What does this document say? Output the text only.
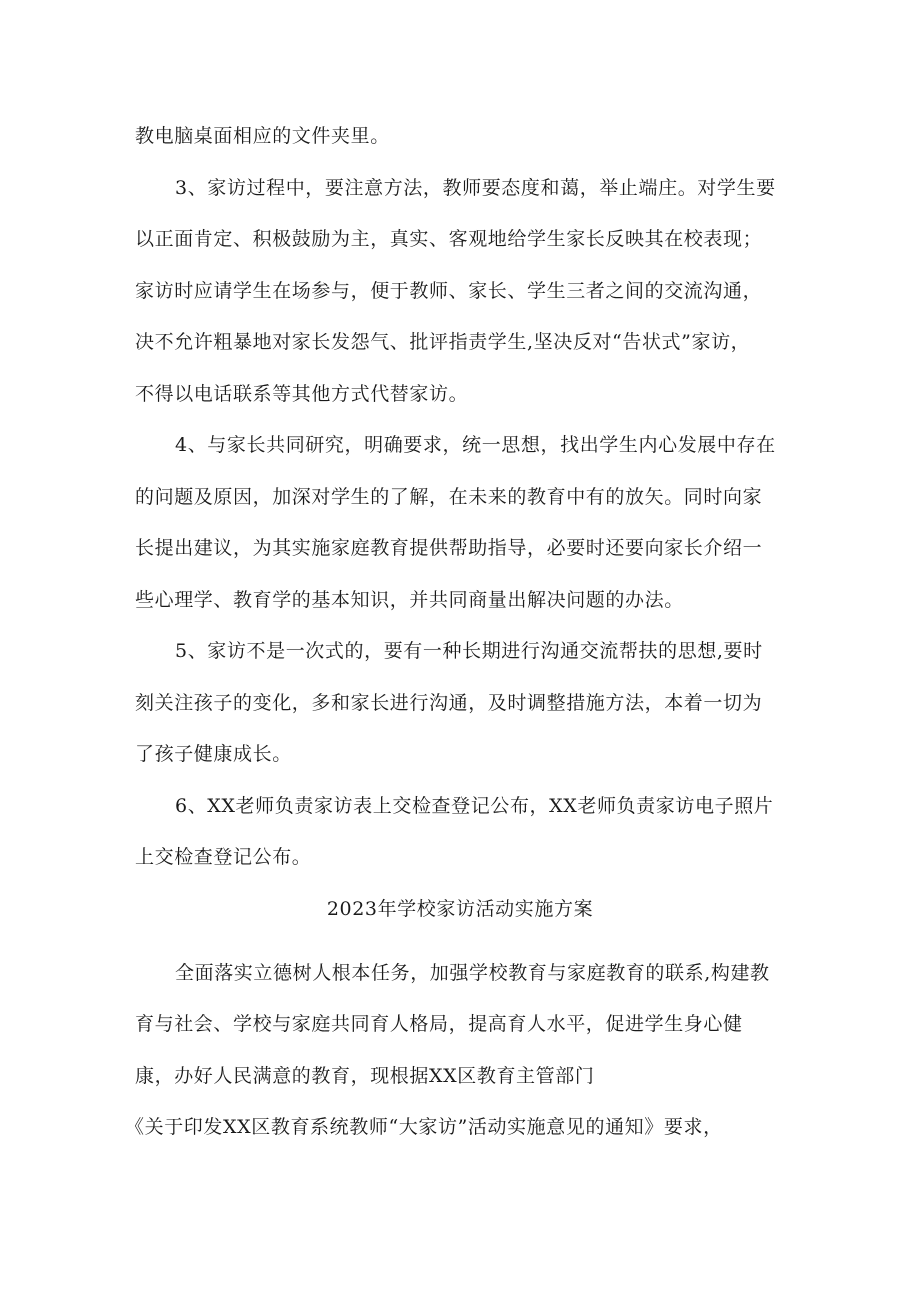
教电脑桌面相应的文件夹里。
3、家访过程中，要注意方法，教师要态度和蔼，举止端庄。对学生要
以正面肯定、积极鼓励为主，真实、客观地给学生家长反映其在校表现；
家访时应请学生在场参与，便于教师、家长、学生三者之间的交流沟通，
决不允许粗暴地对家长发怨气、批评指责学生,坚决反对“告状式”家访，
不得以电话联系等其他方式代替家访。
4、与家长共同研究，明确要求，统一思想，找出学生内心发展中存在
的问题及原因，加深对学生的了解，在未来的教育中有的放矢。同时向家
长提出建议，为其实施家庭教育提供帮助指导，必要时还要向家长介绍一
些心理学、教育学的基本知识，并共同商量出解决问题的办法。
5、家访不是一次式的，要有一种长期进行沟通交流帮扶的思想,要时
刻关注孩子的变化，多和家长进行沟通，及时调整措施方法，本着一切为
了孩子健康成长。
6、XX老师负责家访表上交检查登记公布，XX老师负责家访电子照片
上交检查登记公布。
2023年学校家访活动实施方案
全面落实立德树人根本任务，加强学校教育与家庭教育的联系,构建教
育与社会、学校与家庭共同育人格局，提高育人水平，促进学生身心健
康，办好人民满意的教育，现根据XX区教育主管部门
《关于印发XX区教育系统教师“大家访”活动实施意见的通知》要求，
